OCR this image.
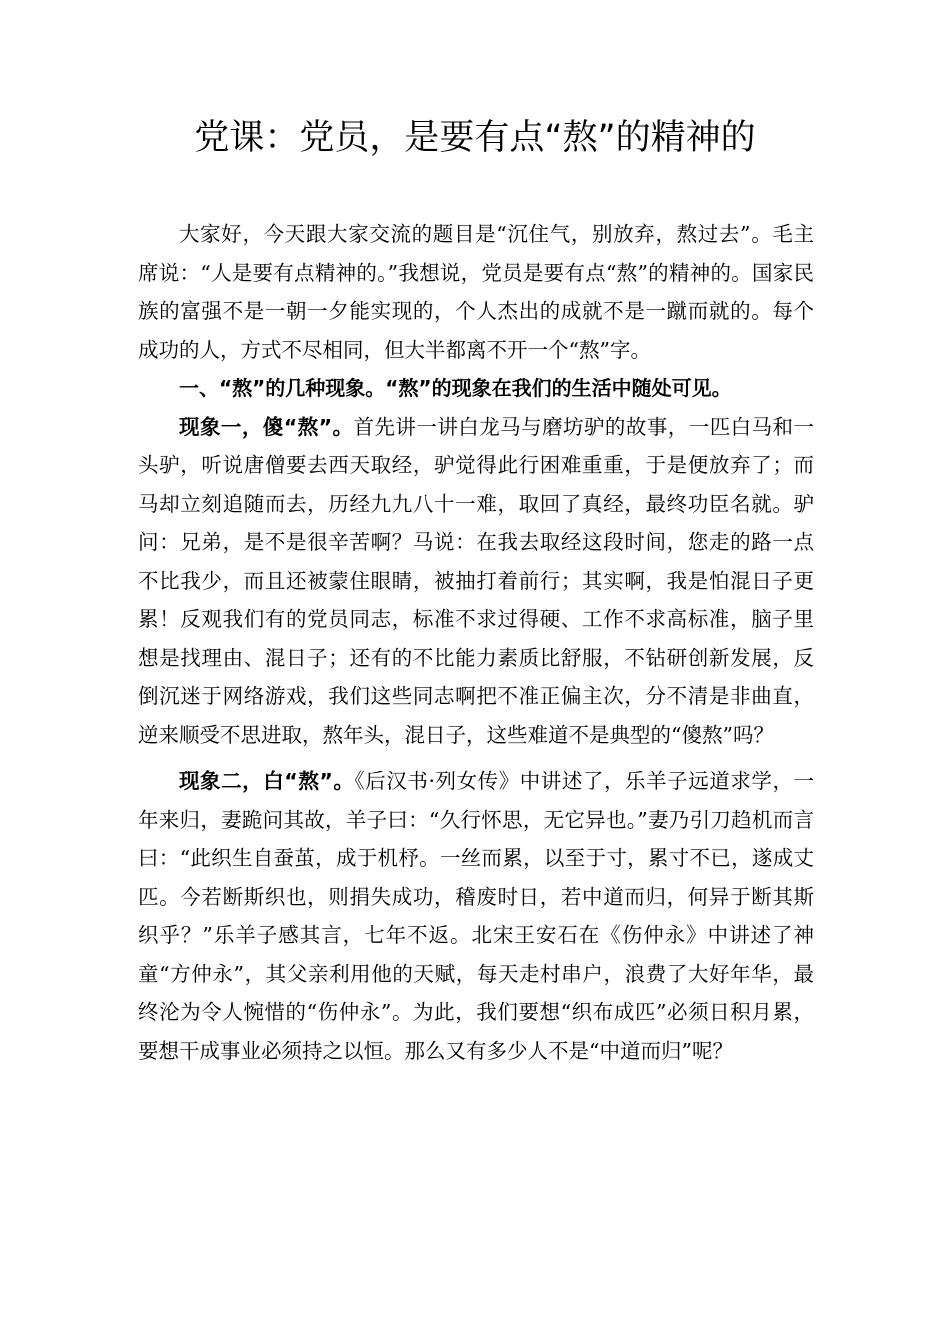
党课：党员，是要有点“熬”的精神的

大家好，今天跟大家交流的题目是“沉住气，别放弃，熬过去”。毛主席说：“人是要有点精神的。”我想说，党员是要有点“熬”的精神的。国家民族的富强不是一朝一夕能实现的，个人杰出的成就不是一蹴而就的。每个成功的人，方式不尽相同，但大半都离不开一个“熬”字。

一、“熬”的几种现象。“熬”的现象在我们的生活中随处可见。

现象一，傻“熬”。首先讲一讲白龙马与磨坊驴的故事，一匹白马和一头驴，听说唐僧要去西天取经，驴觉得此行困难重重，于是便放弃了；而马却立刻追随而去，历经九九八十一难，取回了真经，最终功臣名就。驴问：兄弟，是不是很辛苦啊？马说：在我去取经这段时间，您走的路一点不比我少，而且还被蒙住眼睛，被抽打着前行；其实啊，我是怕混日子更累！反观我们有的党员同志，标准不求过得硬、工作不求高标准，脑子里想是找理由、混日子；还有的不比能力素质比舒服，不钻研创新发展，反倒沉迷于网络游戏，我们这些同志啊把不准正偏主次，分不清是非曲直，逆来顺受不思进取，熬年头，混日子，这些难道不是典型的“傻熬”吗？

现象二，白“熬”。《后汉书·列女传》中讲述了，乐羊子远道求学，一年来归，妻跪问其故，羊子曰：“久行怀思，无它异也。”妻乃引刀趋机而言曰：“此织生自蚕茧，成于机杼。一丝而累，以至于寸，累寸不已，遂成丈匹。今若断斯织也，则捐失成功，稽废时日，若中道而归，何异于断其斯织乎？”乐羊子感其言，七年不返。北宋王安石在《伤仲永》中讲述了神童“方仲永”，其父亲利用他的天赋，每天走村串户，浪费了大好年华，最终沦为令人惋惜的“伤仲永”。为此，我们要想“织布成匹”必须日积月累，要想干成事业必须持之以恒。那么又有多少人不是“中道而归”呢？
